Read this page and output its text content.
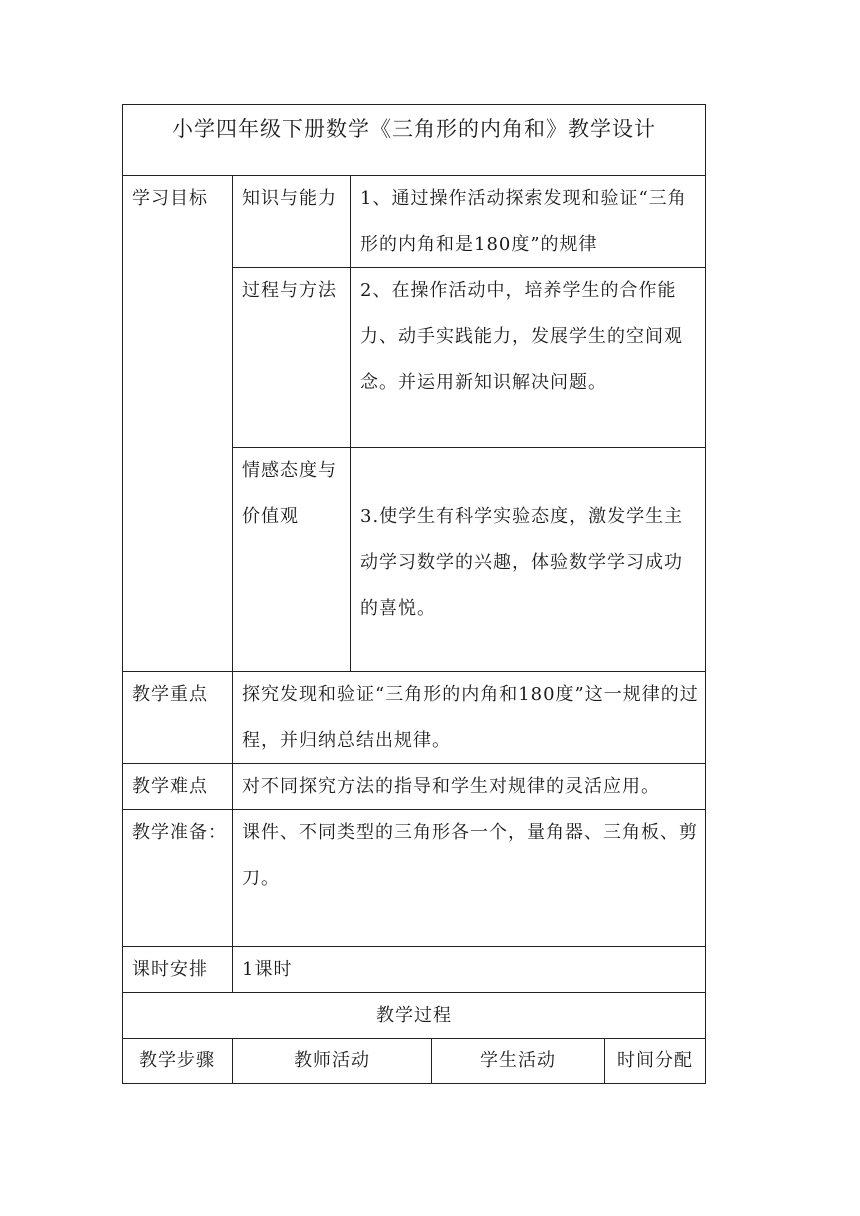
小学四年级下册数学《三角形的内角和》教学设计
学习目标	知识与能力	1、通过操作活动探索发现和验证“三角形的内角和是180度”的规律
过程与方法	2、在操作活动中，培养学生的合作能力、动手实践能力，发展学生的空间观念。并运用新知识解决问题。
情感态度与价值观	3.使学生有科学实验态度，激发学生主动学习数学的兴趣，体验数学学习成功的喜悦。
教学重点	探究发现和验证“三角形的内角和180度”这一规律的过程，并归纳总结出规律。
教学难点	对不同探究方法的指导和学生对规律的灵活应用。
教学准备： 课件、不同类型的三角形各一个，量角器、三角板、剪刀。
课时安排	1课时
教学过程
教学步骤	教师活动	学生活动	时间分配
